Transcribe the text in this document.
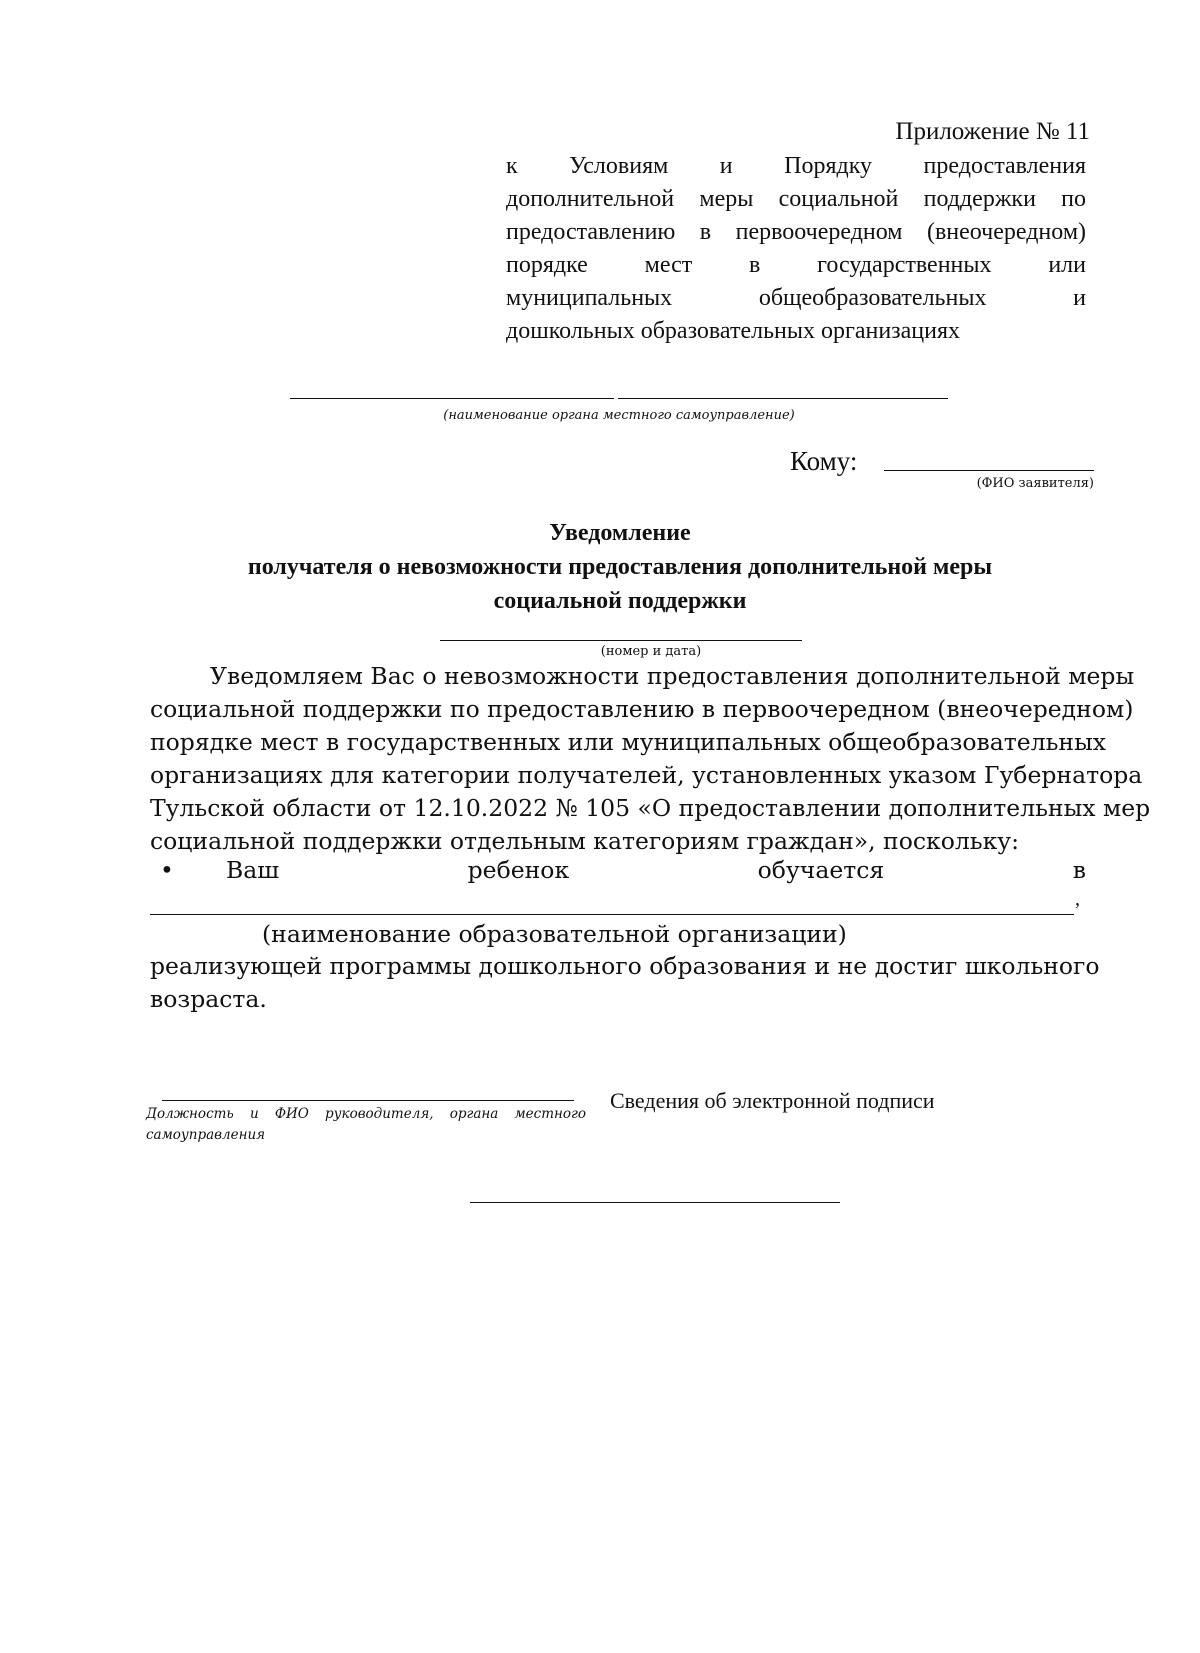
Приложение № 11
к Условиям и Порядку предоставления
дополнительной меры социальной поддержки по
предоставлению в первоочередном (внеочередном)
порядке мест в государственных или
муниципальных общеобразовательных и
дошкольных образовательных организациях
(наименование органа местного самоуправление)
Кому:
(ФИО заявителя)
Уведомление
получателя о невозможности предоставления дополнительной меры
социальной поддержки
(номер и дата)
Уведомляем Вас о невозможности предоставления дополнительной меры
социальной поддержки по предоставлению в первоочередном (внеочередном)
порядке мест в государственных или муниципальных общеобразовательных
организациях для категории получателей, установленных указом Губернатора
Тульской области от 12.10.2022 № 105 «О предоставлении дополнительных мер
социальной поддержки отдельным категориям граждан», поскольку:
•	Ваш	ребенок	обучается	в
,
(наименование образовательной организации)
реализующей программы дошкольного образования и не достиг школьного
возраста.
Должность и ФИО руководителя, органа местного
самоуправления
Сведения об электронной подписи
